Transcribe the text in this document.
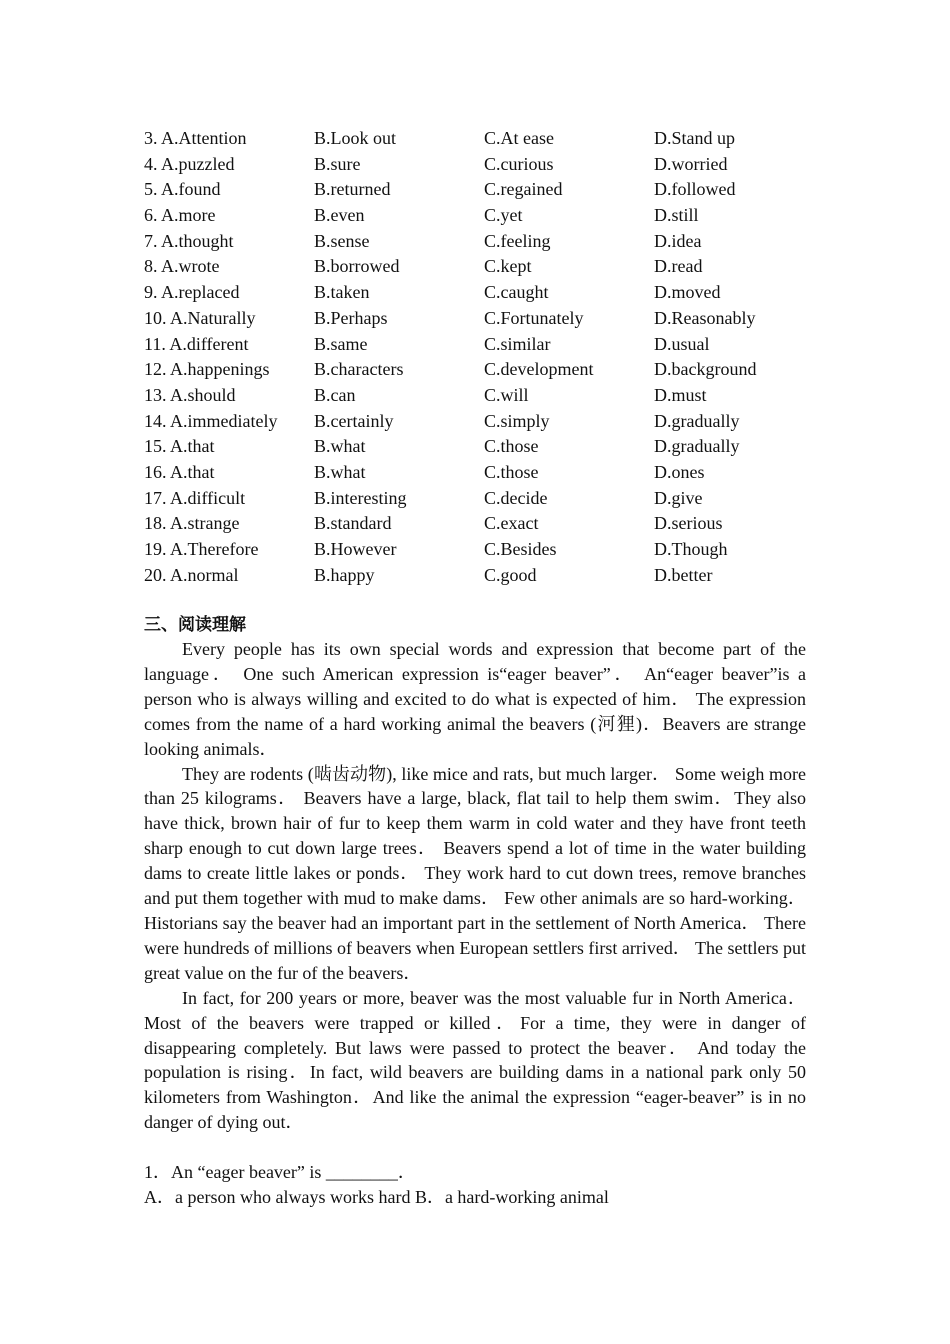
3. A.Attention	B.Look out	C.At ease	D.Stand up
4. A.puzzled	B.sure	C.curious	D.worried
5. A.found	B.returned	C.regained	D.followed
6. A.more	B.even	C.yet	D.still
7. A.thought	B.sense	C.feeling	D.idea
8. A.wrote	B.borrowed	C.kept	D.read
9. A.replaced	B.taken	C.caught	D.moved
10. A.Naturally	B.Perhaps	C.Fortunately	D.Reasonably
11. A.different	B.same	C.similar	D.usual
12. A.happenings B.characters	C.development	D.background
13. A.should	B.can	C.will	D.must
14. A.immediately B.certainly	C.simply	D.gradually
15. A.that	B.what	C.those	D.gradually
16. A.that	B.what	C.those	D.ones
17. A.difficult	B.interesting	C.decide	D.give
18. A.strange	B.standard	C.exact	D.serious
19. A.Therefore	B.However	C.Besides	D.Though
20. A.normal	B.happy	C.good	D.better
三、阅读理解

Every people has its own special words and expression that become part of the language． One such American expression is“eager beaver”． An“eager beaver”is a person who is always willing and excited to do what is expected of him． The expression comes from the name of a hard working animal the beavers (河狸)．Beavers are strange looking animals．

They are rodents (啮齿动物), like mice and rats, but much larger． Some weigh more than 25 kilograms． Beavers have a large, black, flat tail to help them swim．They also have thick, brown hair of fur to keep them warm in cold water and they have front teeth sharp enough to cut down large trees． Beavers spend a lot of time in the water building dams to create little lakes or ponds． They work hard to cut down trees, remove branches and put them together with mud to make dams． Few other animals are so hard-working． Historians say the beaver had an important part in the settlement of North America． There were hundreds of millions of beavers when European settlers first arrived． The settlers put great value on the fur of the beavers．

In fact, for 200 years or more, beaver was the most valuable fur in North America．Most of the beavers were trapped or killed．For a time, they were in danger of disappearing completely. But laws were passed to protect the beaver． And today the population is rising．In fact, wild beavers are building dams in a national park only 50 kilometers from Washington．And like the animal the expression “eager-beaver” is in no danger of dying out．

1．An “eager beaver” is ________．
A．a person who always works hard B．a hard-working animal
